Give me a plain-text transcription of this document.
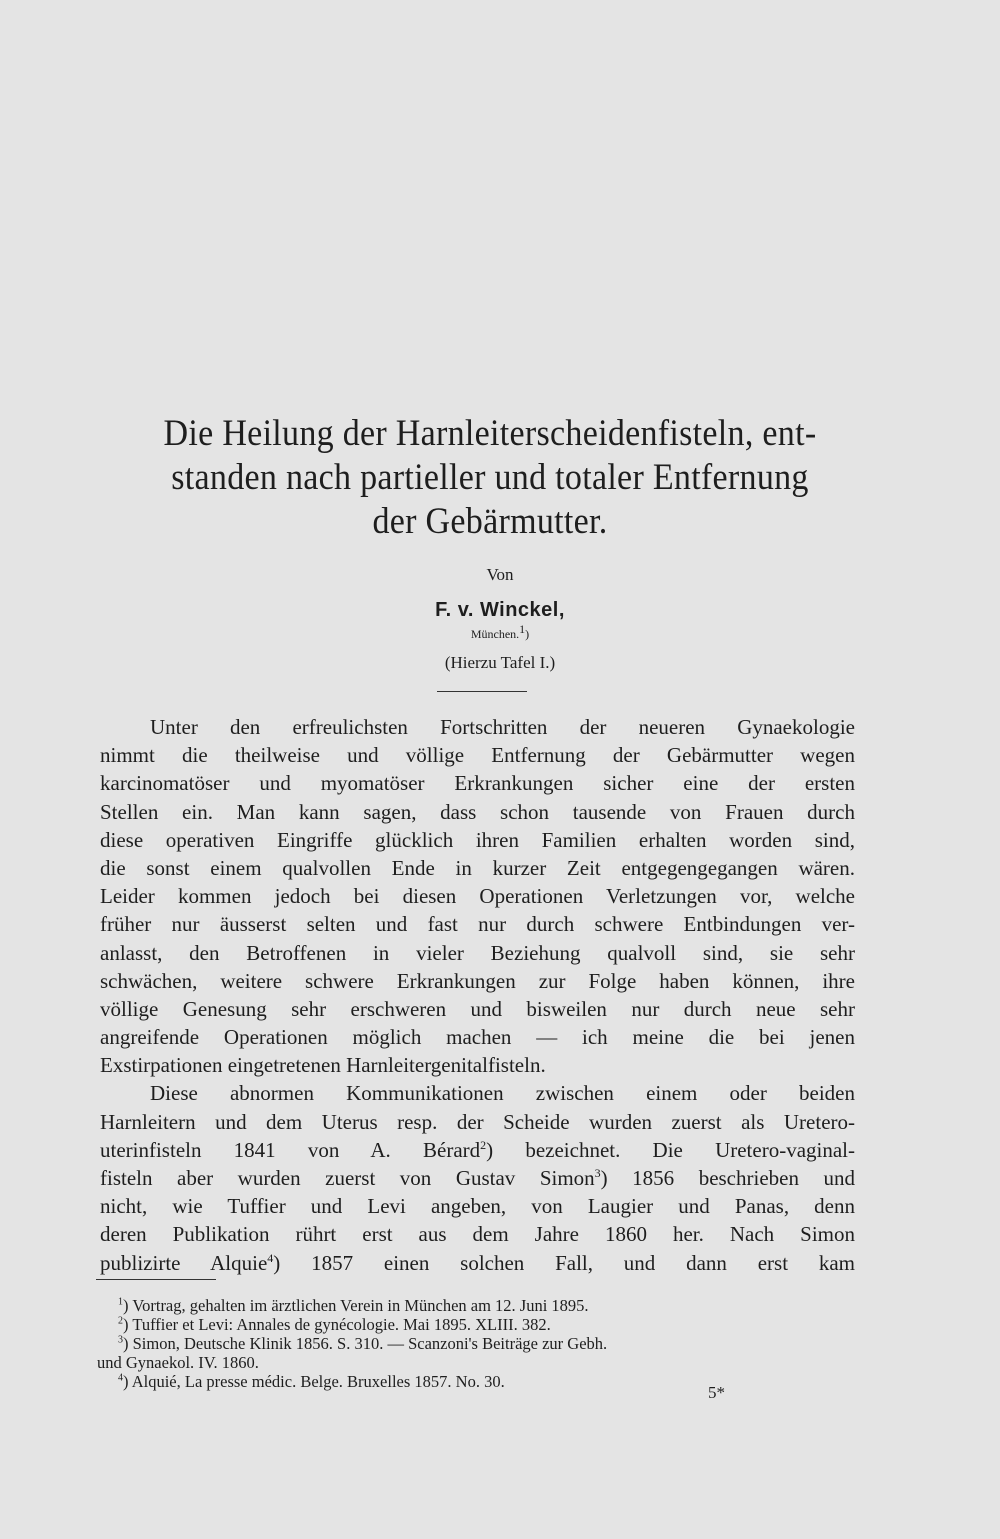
Die Heilung der Harnleiterscheidenfisteln, ent-
standen nach partieller und totaler Entfernung
der Gebärmutter.
Von
F. v. Winckel,
München.$^1$)
(Hierzu Tafel I.)
Unter den erfreulichsten Fortschritten der neueren Gynaekologie
nimmt die theilweise und völlige Entfernung der Gebärmutter wegen
karcinomatöser und myomatöser Erkrankungen sicher eine der ersten
Stellen ein. Man kann sagen, dass schon tausende von Frauen durch
diese operativen Eingriffe glücklich ihren Familien erhalten worden sind,
die sonst einem qualvollen Ende in kurzer Zeit entgegengegangen wären.
Leider kommen jedoch bei diesen Operationen Verletzungen vor, welche
früher nur äusserst selten und fast nur durch schwere Entbindungen ver-
anlasst, den Betroffenen in vieler Beziehung qualvoll sind, sie sehr
schwächen, weitere schwere Erkrankungen zur Folge haben können, ihre
völlige Genesung sehr erschweren und bisweilen nur durch neue sehr
angreifende Operationen möglich machen — ich meine die bei jenen
Exstirpationen eingetretenen Harnleitergenitalfisteln.
Diese abnormen Kommunikationen zwischen einem oder beiden
Harnleitern und dem Uterus resp. der Scheide wurden zuerst als Uretero-
uterinfisteln 1841 von A. Bérard$^2$) bezeichnet. Die Uretero-vaginal-
fisteln aber wurden zuerst von Gustav Simon$^3$) 1856 beschrieben und
nicht, wie Tuffier und Levi angeben, von Laugier und Panas, denn
deren Publikation rührt erst aus dem Jahre 1860 her. Nach Simon
publizirte Alquie$^4$) 1857 einen solchen Fall, und dann erst kam
$^1$) Vortrag, gehalten im ärztlichen Verein in München am 12. Juni 1895.
$^2$) Tuffier et Levi: Annales de gynécologie. Mai 1895. XLIII. 382.
$^3$) Simon, Deutsche Klinik 1856. S. 310. — Scanzoni's Beiträge zur Gebh.
und Gynaekol. IV. 1860.
$^4$) Alquié, La presse médic. Belge. Bruxelles 1857. No. 30.
5*
